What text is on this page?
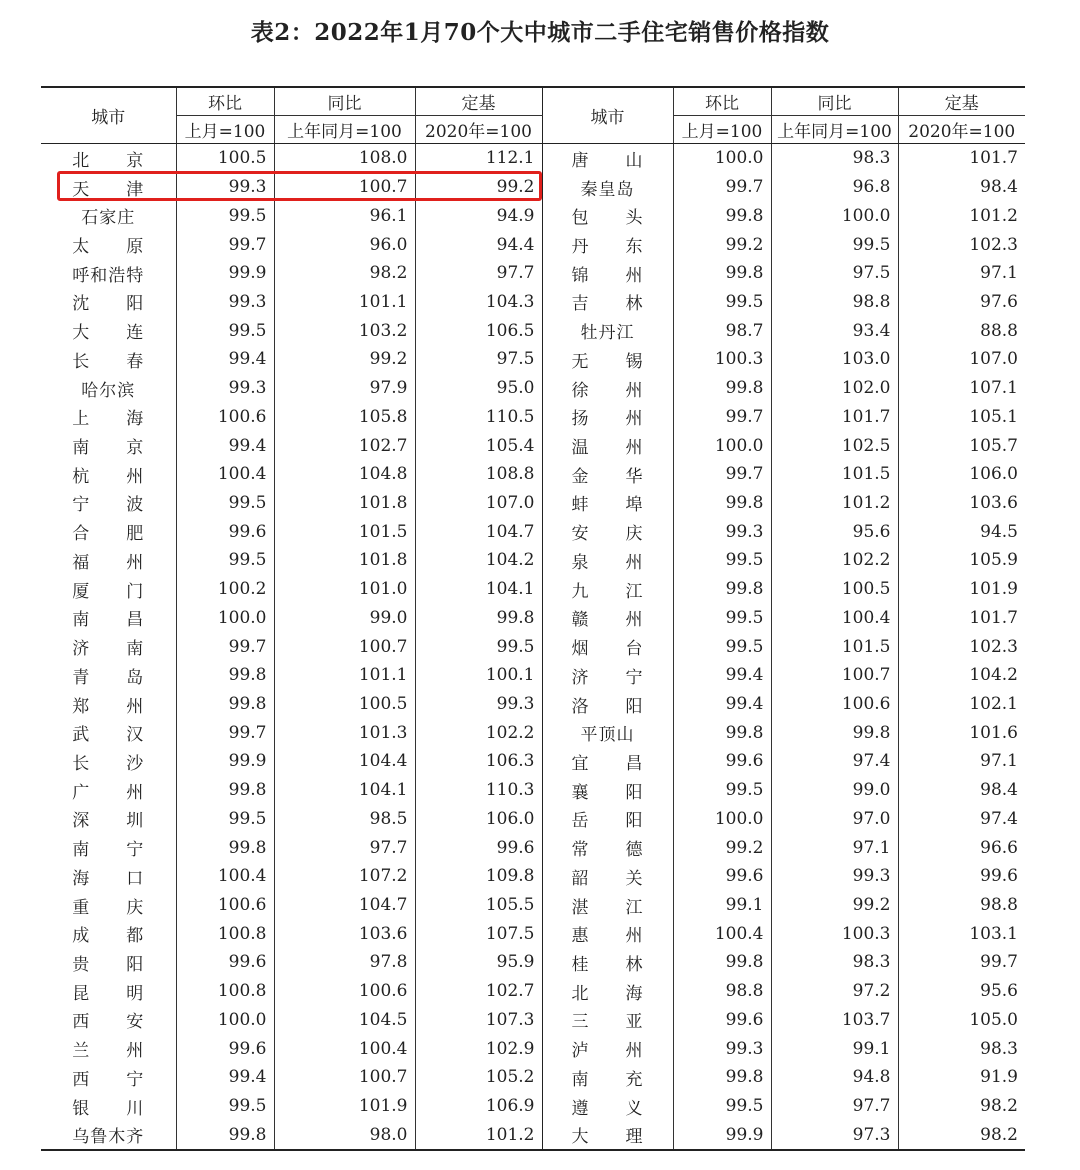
表2：2022年1月70个大中城市二手住宅销售价格指数
城市	环比	同比	定基	城市	环比	同比	定基
	上月=100	上年同月=100	2020年=100		上月=100	上年同月=100	2020年=100
北　　京	100.5	108.0	112.1	唐　　山	100.0	98.3	101.7
天　　津	99.3	100.7	99.2	秦皇岛	99.7	96.8	98.4
石家庄	99.5	96.1	94.9	包　　头	99.8	100.0	101.2
太　　原	99.7	96.0	94.4	丹　　东	99.2	99.5	102.3
呼和浩特	99.9	98.2	97.7	锦　　州	99.8	97.5	97.1
沈　　阳	99.3	101.1	104.3	吉　　林	99.5	98.8	97.6
大　　连	99.5	103.2	106.5	牡丹江	98.7	93.4	88.8
长　　春	99.4	99.2	97.5	无　　锡	100.3	103.0	107.0
哈尔滨	99.3	97.9	95.0	徐　　州	99.8	102.0	107.1
上　　海	100.6	105.8	110.5	扬　　州	99.7	101.7	105.1
南　　京	99.4	102.7	105.4	温　　州	100.0	102.5	105.7
杭　　州	100.4	104.8	108.8	金　　华	99.7	101.5	106.0
宁　　波	99.5	101.8	107.0	蚌　　埠	99.8	101.2	103.6
合　　肥	99.6	101.5	104.7	安　　庆	99.3	95.6	94.5
福　　州	99.5	101.8	104.2	泉　　州	99.5	102.2	105.9
厦　　门	100.2	101.0	104.1	九　　江	99.8	100.5	101.9
南　　昌	100.0	99.0	99.8	赣　　州	99.5	100.4	101.7
济　　南	99.7	100.7	99.5	烟　　台	99.5	101.5	102.3
青　　岛	99.8	101.1	100.1	济　　宁	99.4	100.7	104.2
郑　　州	99.8	100.5	99.3	洛　　阳	99.4	100.6	102.1
武　　汉	99.7	101.3	102.2	平顶山	99.8	99.8	101.6
长　　沙	99.9	104.4	106.3	宜　　昌	99.6	97.4	97.1
广　　州	99.8	104.1	110.3	襄　　阳	99.5	99.0	98.4
深　　圳	99.5	98.5	106.0	岳　　阳	100.0	97.0	97.4
南　　宁	99.8	97.7	99.6	常　　德	99.2	97.1	96.6
海　　口	100.4	107.2	109.8	韶　　关	99.6	99.3	99.6
重　　庆	100.6	104.7	105.5	湛　　江	99.1	99.2	98.8
成　　都	100.8	103.6	107.5	惠　　州	100.4	100.3	103.1
贵　　阳	99.6	97.8	95.9	桂　　林	99.8	98.3	99.7
昆　　明	100.8	100.6	102.7	北　　海	98.8	97.2	95.6
西　　安	100.0	104.5	107.3	三　　亚	99.6	103.7	105.0
兰　　州	99.6	100.4	102.9	泸　　州	99.3	99.1	98.3
西　　宁	99.4	100.7	105.2	南　　充	99.8	94.8	91.9
银　　川	99.5	101.9	106.9	遵　　义	99.5	97.7	98.2
乌鲁木齐	99.8	98.0	101.2	大　　理	99.9	97.3	98.2
